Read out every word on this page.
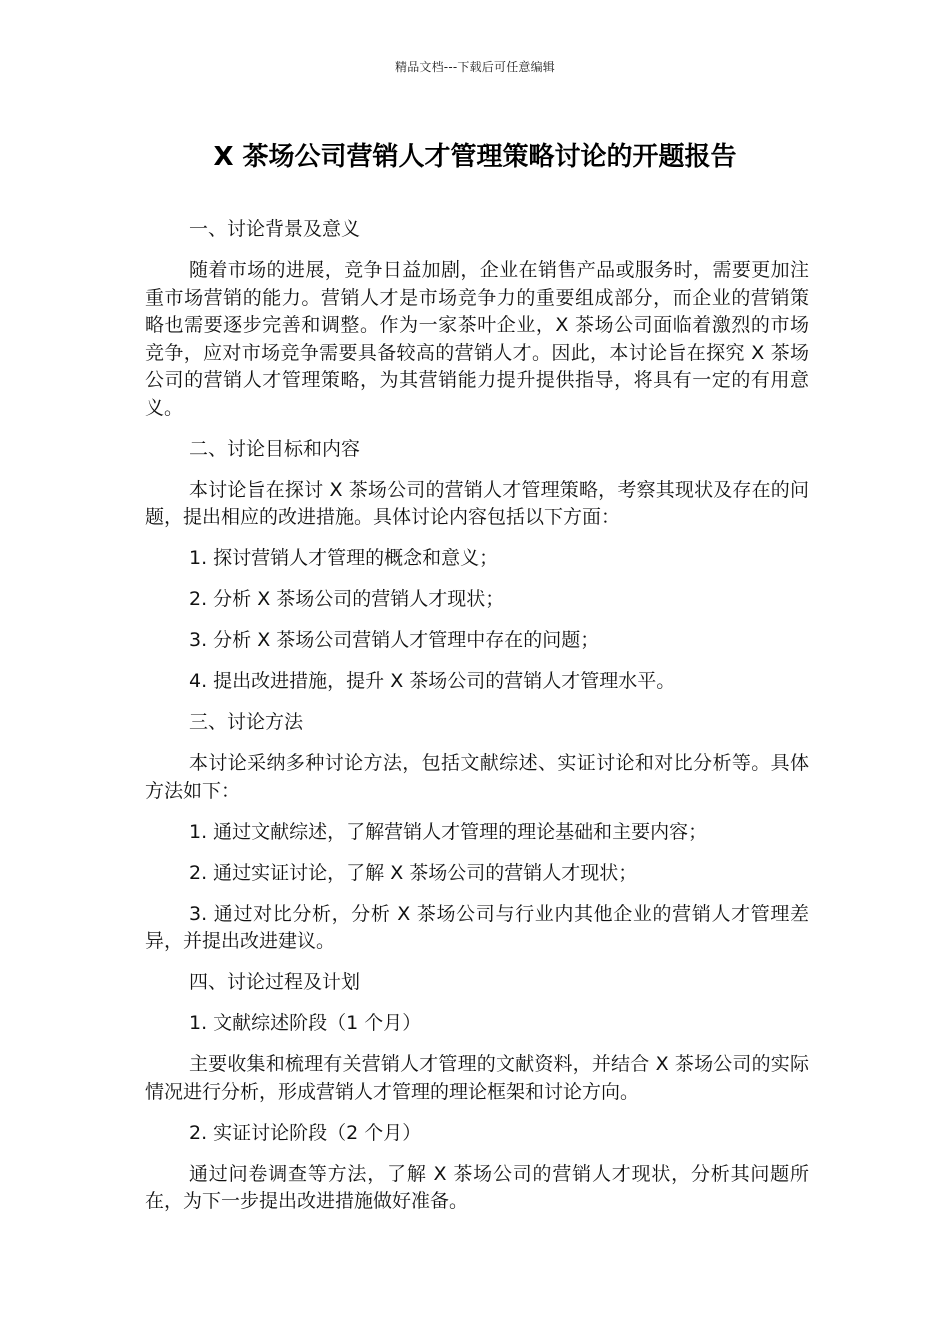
精品文档---下载后可任意编辑
X 茶场公司营销人才管理策略讨论的开题报告

一、讨论背景及意义

随着市场的进展，竞争日益加剧，企业在销售产品或服务时，需要更加注重市场营销的能力。营销人才是市场竞争力的重要组成部分，而企业的营销策略也需要逐步完善和调整。作为一家茶叶企业，X 茶场公司面临着激烈的市场竞争，应对市场竞争需要具备较高的营销人才。因此，本讨论旨在探究 X 茶场公司的营销人才管理策略，为其营销能力提升提供指导，将具有一定的有用意义。

二、讨论目标和内容

本讨论旨在探讨 X 茶场公司的营销人才管理策略，考察其现状及存在的问题，提出相应的改进措施。具体讨论内容包括以下方面：

1. 探讨营销人才管理的概念和意义；

2. 分析 X 茶场公司的营销人才现状；

3. 分析 X 茶场公司营销人才管理中存在的问题；

4. 提出改进措施，提升 X 茶场公司的营销人才管理水平。

三、讨论方法

本讨论采纳多种讨论方法，包括文献综述、实证讨论和对比分析等。具体方法如下：

1. 通过文献综述，了解营销人才管理的理论基础和主要内容；

2. 通过实证讨论，了解 X 茶场公司的营销人才现状；

3. 通过对比分析，分析 X 茶场公司与行业内其他企业的营销人才管理差异，并提出改进建议。

四、讨论过程及计划

1. 文献综述阶段（1 个月）

主要收集和梳理有关营销人才管理的文献资料，并结合 X 茶场公司的实际情况进行分析，形成营销人才管理的理论框架和讨论方向。

2. 实证讨论阶段（2 个月）

通过问卷调查等方法，了解 X 茶场公司的营销人才现状，分析其问题所在，为下一步提出改进措施做好准备。
